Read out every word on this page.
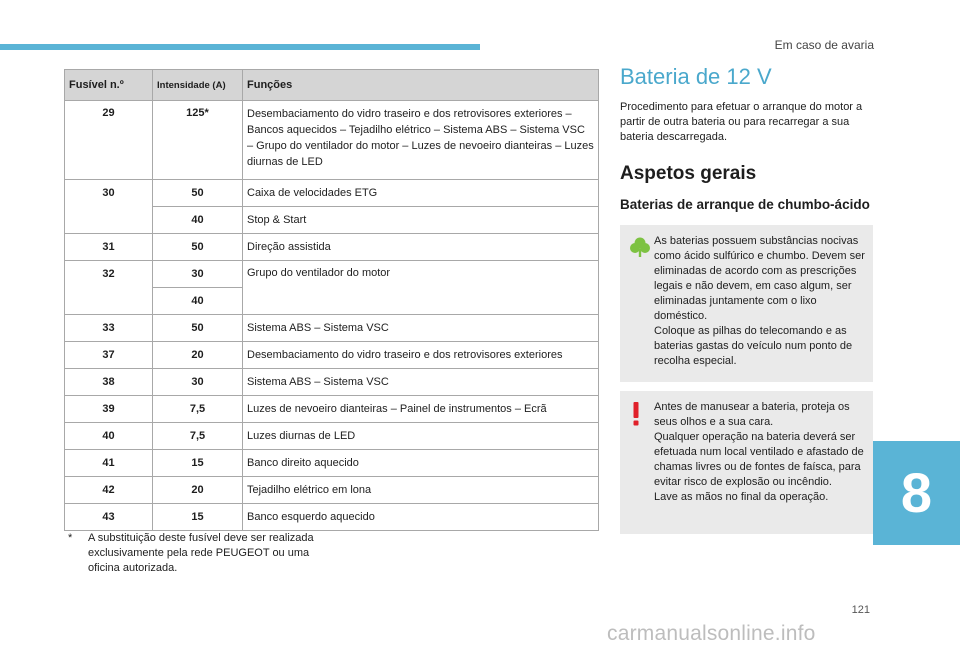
Em caso de avaria
Fusível n.º	Intensidade (A)	Funções
29	125*	Desembaciamento do vidro traseiro e dos retrovisores exteriores – Bancos aquecidos – Tejadilho elétrico – Sistema ABS – Sistema VSC – Grupo do ventilador do motor – Luzes de nevoeiro dianteiras – Luzes diurnas de LED
30	50	Caixa de velocidades ETG
	40	Stop & Start
31	50	Direção assistida
32	30	Grupo do ventilador do motor
	40	
33	50	Sistema ABS – Sistema VSC
37	20	Desembaciamento do vidro traseiro e dos retrovisores exteriores
38	30	Sistema ABS – Sistema VSC
39	7,5	Luzes de nevoeiro dianteiras – Painel de instrumentos – Ecrã
40	7,5	Luzes diurnas de LED
41	15	Banco direito aquecido
42	20	Tejadilho elétrico em lona
43	15	Banco esquerdo aquecido
* A substituição deste fusível deve ser realizada exclusivamente pela rede PEUGEOT ou uma oficina autorizada.
Bateria de 12 V

Procedimento para efetuar o arranque do motor a partir de outra bateria ou para recarregar a sua bateria descarregada.

Aspetos gerais
Baterias de arranque de chumbo-ácido
As baterias possuem substâncias nocivas como ácido sulfúrico e chumbo. Devem ser eliminadas de acordo com as prescrições legais e não devem, em caso algum, ser eliminadas juntamente com o lixo doméstico.
Coloque as pilhas do telecomando e as baterias gastas do veículo num ponto de recolha especial.
Antes de manusear a bateria, proteja os seus olhos e a sua cara.
Qualquer operação na bateria deverá ser efetuada num local ventilado e afastado de chamas livres ou de fontes de faísca, para evitar risco de explosão ou incêndio.
Lave as mãos no final da operação.	8
121
carmanualsonline.info
